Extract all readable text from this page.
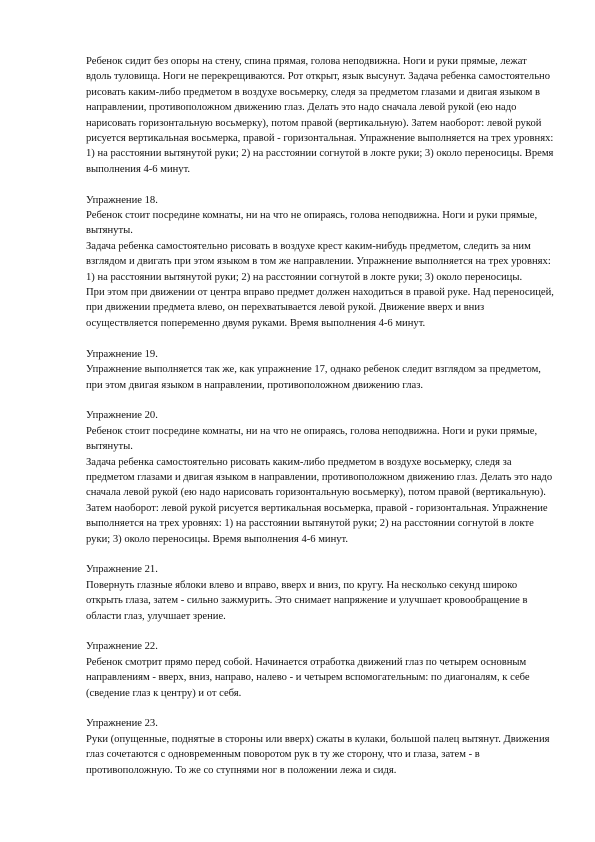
Ребенок сидит без опоры на стену, спина прямая, голова неподвижна. Ноги и руки прямые, лежат вдоль туловища. Ноги не перекрещиваются. Рот открыт, язык высунут. Задача ребенка самостоятельно рисовать каким-либо предметом в воздухе восьмерку, следя за предметом глазами и двигая языком в направлении, противоположном движению глаз. Делать это надо сначала левой рукой (ею надо нарисовать горизонтальную восьмерку), потом правой (вертикальную). Затем наоборот: левой рукой рисуется вертикальная восьмерка, правой - горизонтальная. Упражнение выполняется на трех уровнях:

1) на расстоянии вытянутой руки; 2) на расстоянии согнутой в локте руки; 3) около переносицы. Время выполнения 4-6 минут.

Упражнение 18.

Ребенок стоит посредине комнаты, ни на что не опираясь, голова неподвижна. Ноги и руки прямые, вытянуты.

Задача ребенка самостоятельно рисовать в воздухе крест каким-нибудь предметом, следить за ним взглядом и двигать при этом языком в том же направлении. Упражнение выполняется на трех уровнях: 1) на расстоянии вытянутой руки; 2) на расстоянии согнутой в локте руки; 3) около переносицы.

При этом при движении от центра вправо предмет должен находиться в правой руке. Над переносицей, при движении предмета влево, он перехватывается левой рукой. Движение вверх и вниз осуществляется попеременно двумя руками. Время выполнения 4-6 минут.

Упражнение 19.

Упражнение выполняется так же, как упражнение 17, однако ребенок следит взглядом за предметом, при этом двигая языком в направлении, противоположном движению глаз.

Упражнение 20.

Ребенок стоит посредине комнаты, ни на что не опираясь, голова неподвижна. Ноги и руки прямые, вытянуты.

Задача ребенка самостоятельно рисовать каким-либо предметом в воздухе восьмерку, следя за предметом глазами и двигая языком в направлении, противоположном движению глаз. Делать это надо сначала левой рукой (ею надо нарисовать горизонтальную восьмерку), потом правой (вертикальную). Затем наоборот: левой рукой рисуется вертикальная восьмерка, правой - горизонтальная. Упражнение выполняется на трех уровнях: 1) на расстоянии вытянутой руки; 2) на расстоянии согнутой в локте руки; 3) около переносицы. Время выполнения 4-6 минут.

Упражнение 21.

Повернуть глазные яблоки влево и вправо, вверх и вниз, по кругу. На несколько секунд широко открыть глаза, затем - сильно зажмурить. Это снимает напряжение и улучшает кровообращение в области глаз, улучшает зрение.

Упражнение 22.

Ребенок смотрит прямо перед собой. Начинается отработка движений глаз по четырем основным направлениям - вверх, вниз, направо, налево - и четырем вспомогательным: по диагоналям, к себе (сведение глаз к центру) и от себя.

Упражнение 23.

Руки (опущенные, поднятые в стороны или вверх) сжаты в кулаки, большой палец вытянут. Движения глаз сочетаются с одновременным поворотом рук в ту же сторону, что и глаза, затем - в противоположную. То же со ступнями ног в положении лежа и сидя.
